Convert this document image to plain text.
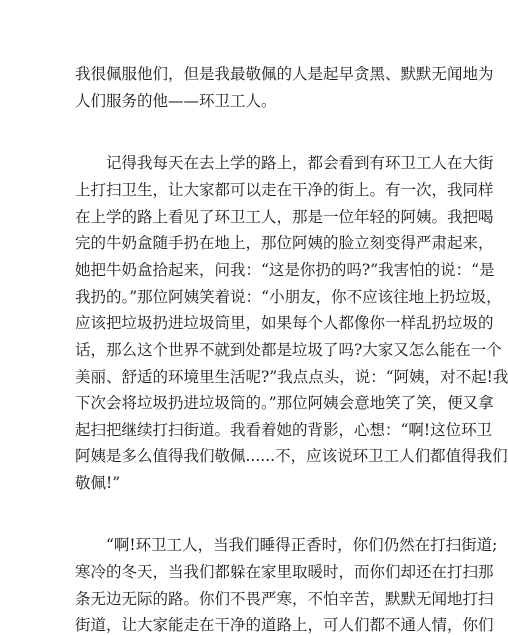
我很佩服他们，但是我最敬佩的人是起早贪黑、默默无闻地为
人们服务的他——环卫工人。
　　记得我每天在去上学的路上，都会看到有环卫工人在大街
上打扫卫生，让大家都可以走在干净的街上。有一次，我同样
在上学的路上看见了环卫工人，那是一位年轻的阿姨。我把喝
完的牛奶盒随手扔在地上，那位阿姨的脸立刻变得严肃起来，
她把牛奶盒拾起来，问我：“这是你扔的吗?”我害怕的说：“是
我扔的。”那位阿姨笑着说：“小朋友，你不应该往地上扔垃圾，
应该把垃圾扔进垃圾筒里，如果每个人都像你一样乱扔垃圾的
话，那么这个世界不就到处都是垃圾了吗?大家又怎么能在一个
美丽、舒适的环境里生活呢?”我点点头，说：“阿姨，对不起!我
下次会将垃圾扔进垃圾筒的。”那位阿姨会意地笑了笑，便又拿
起扫把继续打扫街道。我看着她的背影，心想：“啊!这位环卫
阿姨是多么值得我们敬佩......不，应该说环卫工人们都值得我们
敬佩!”
　　“啊!环卫工人，当我们睡得正香时，你们仍然在打扫街道;
寒冷的冬天，当我们都躲在家里取暖时，而你们却还在打扫那
条无边无际的路。你们不畏严寒，不怕辛苦，默默无闻地打扫
街道，让大家能走在干净的道路上，可人们都不通人情，你们
